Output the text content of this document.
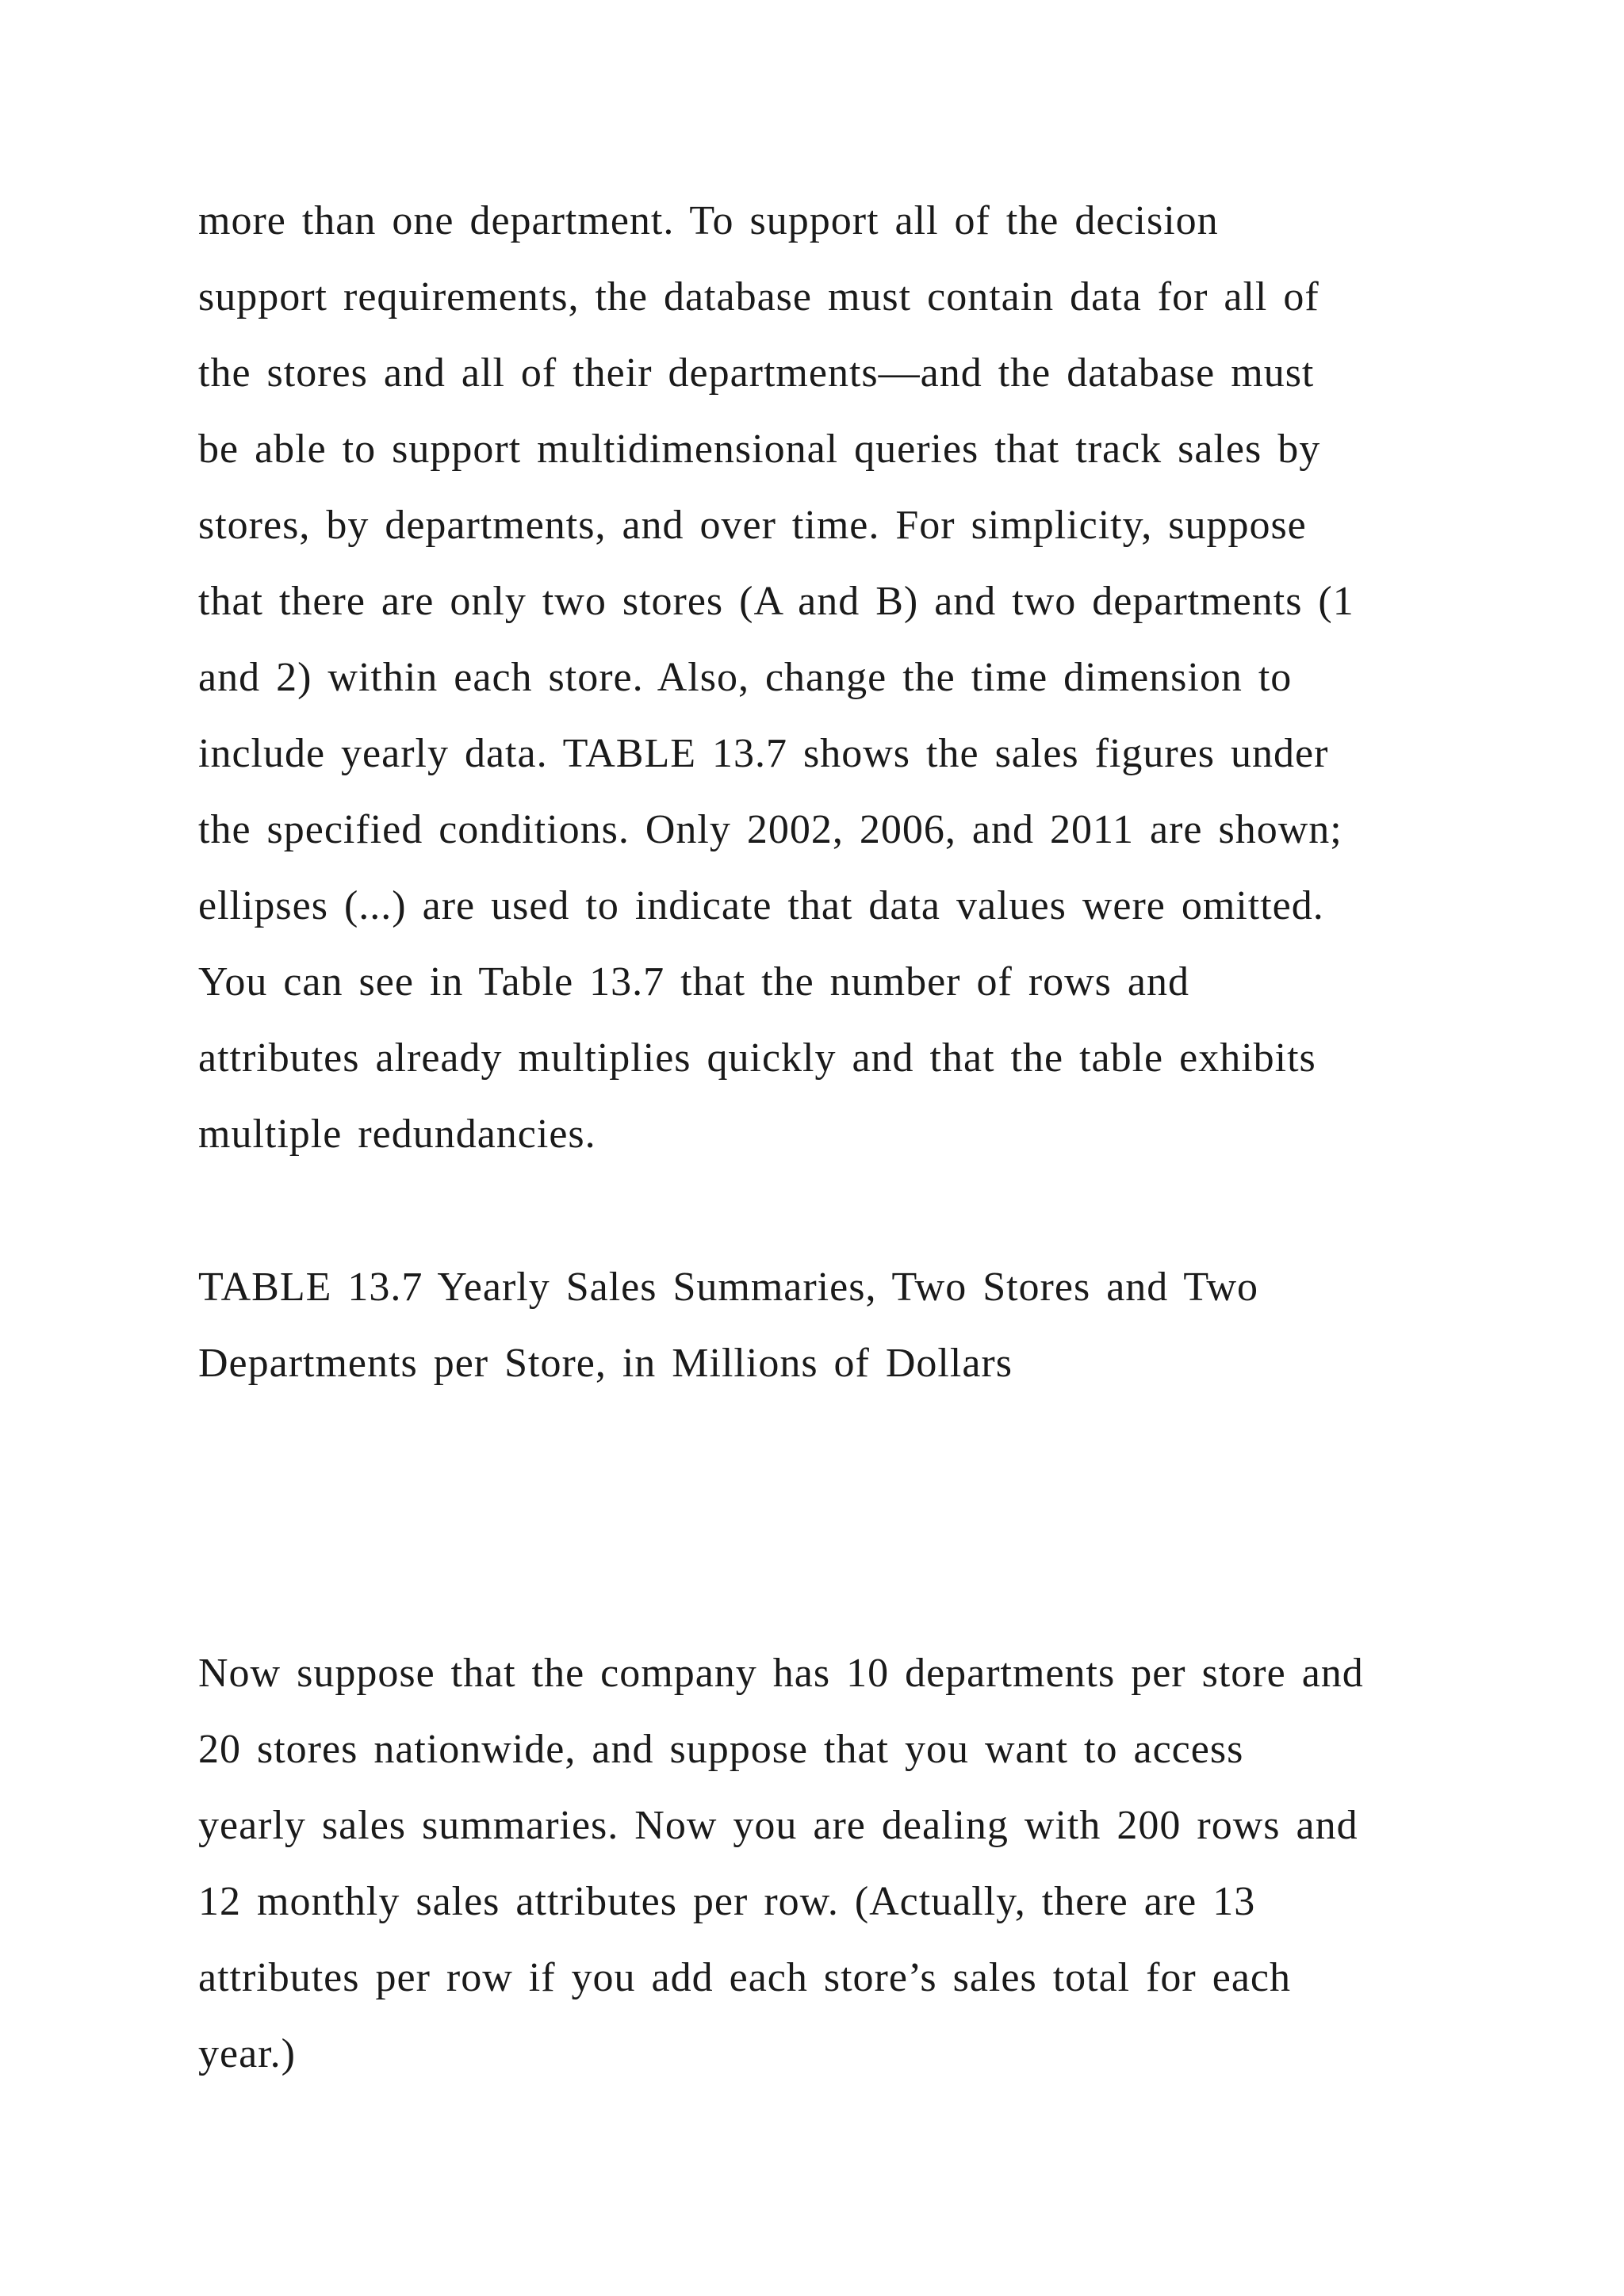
more than one department. To support all of the decision
support requirements, the database must contain data for all of
the stores and all of their departments—and the database must
be able to support multidimensional queries that track sales by
stores, by departments, and over time. For simplicity, suppose
that there are only two stores (A and B) and two departments (1
and 2) within each store. Also, change the time dimension to
include yearly data. TABLE 13.7 shows the sales figures under
the specified conditions. Only 2002, 2006, and 2011 are shown;
ellipses (...) are used to indicate that data values were omitted.
You can see in Table 13.7 that the number of rows and
attributes already multiplies quickly and that the table exhibits
multiple redundancies.
TABLE 13.7 Yearly Sales Summaries, Two Stores and Two
Departments per Store, in Millions of Dollars
Now suppose that the company has 10 departments per store and
20 stores nationwide, and suppose that you want to access
yearly sales summaries. Now you are dealing with 200 rows and
12 monthly sales attributes per row. (Actually, there are 13
attributes per row if you add each store’s sales total for each
year.)
